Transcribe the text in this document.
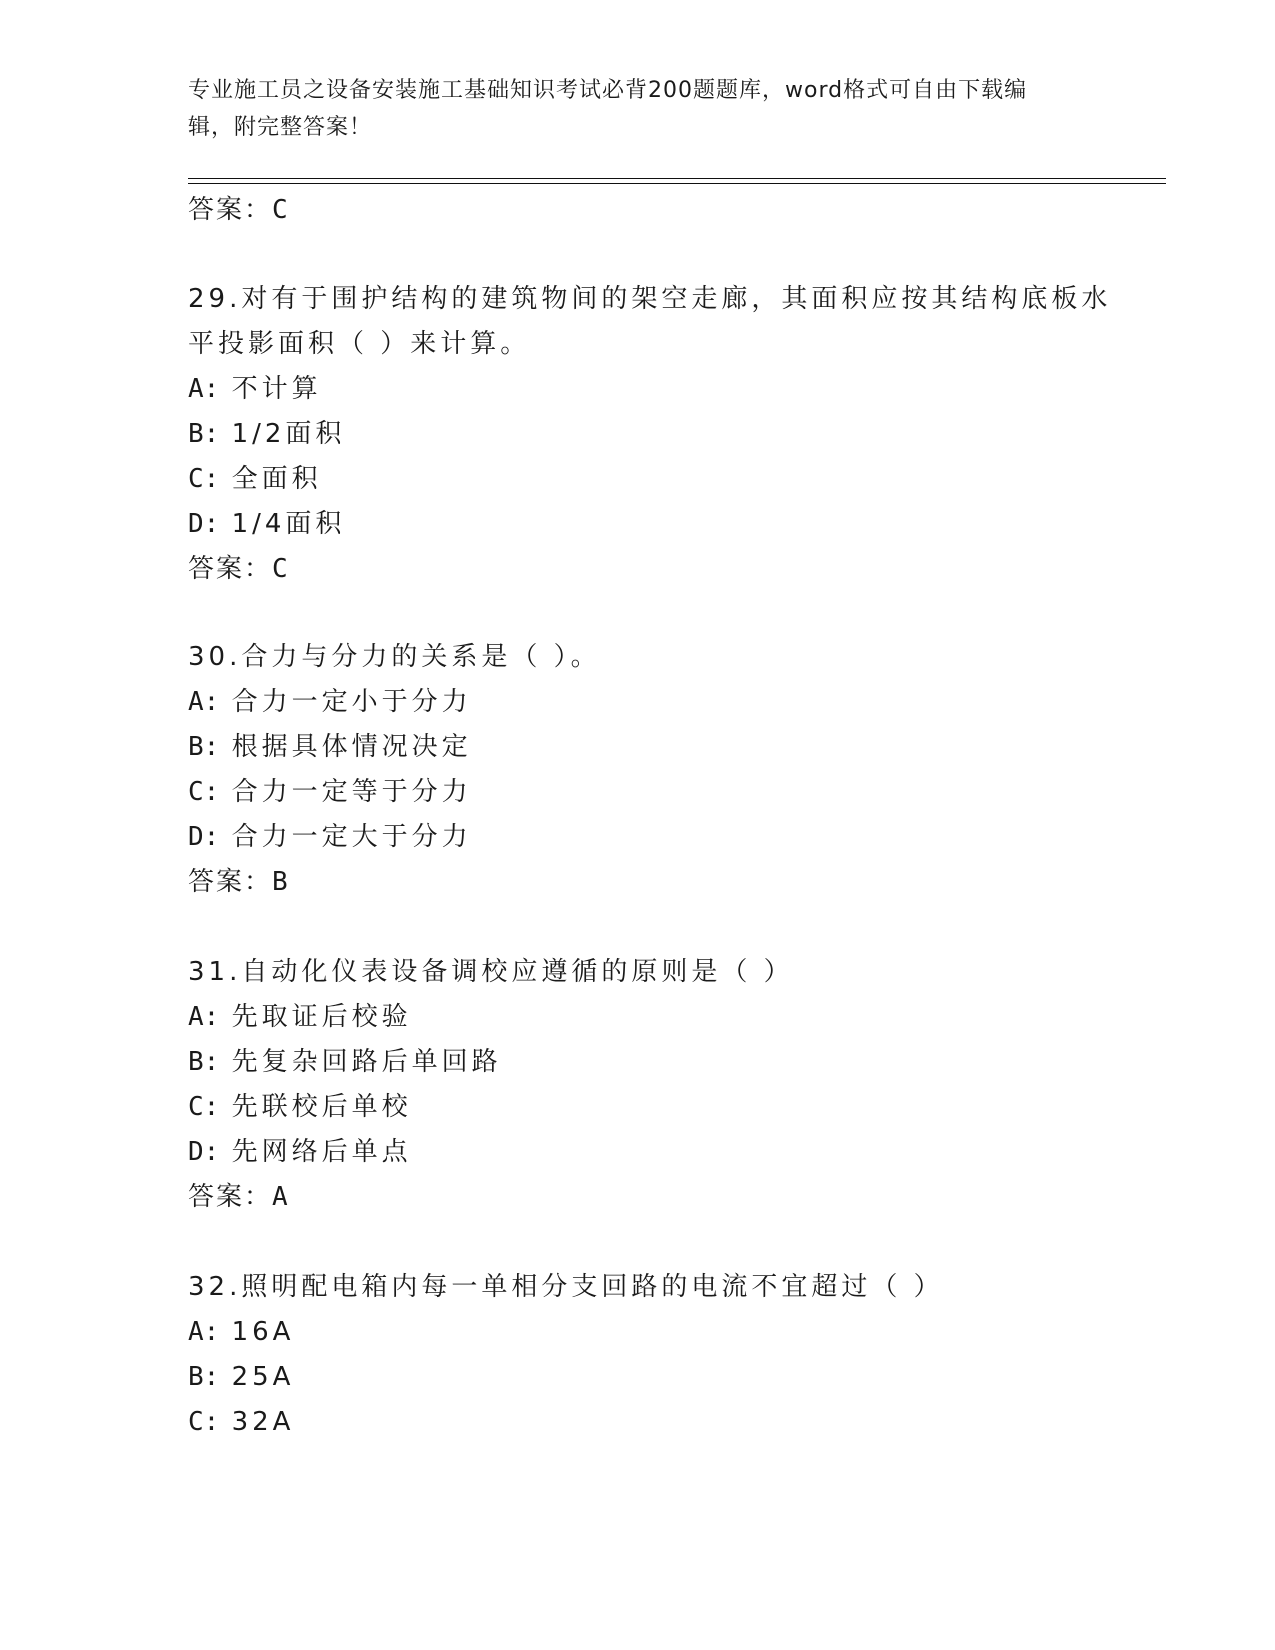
专业施工员之设备安装施工基础知识考试必背200题题库，word格式可自由下载编辑，附完整答案！
答案：C
29.对有于围护结构的建筑物间的架空走廊，其面积应按其结构底板水
平投影面积（ ）来计算。
A: 不计算
B: 1/2面积
C: 全面积
D: 1/4面积
答案：C
30.合力与分力的关系是（ ）。
A: 合力一定小于分力
B: 根据具体情况决定
C: 合力一定等于分力
D: 合力一定大于分力
答案：B
31.自动化仪表设备调校应遵循的原则是（ ）
A: 先取证后校验
B: 先复杂回路后单回路
C: 先联校后单校
D: 先网络后单点
答案：A
32.照明配电箱内每一单相分支回路的电流不宜超过（ ）
A: 16A
B: 25A
C: 32A
